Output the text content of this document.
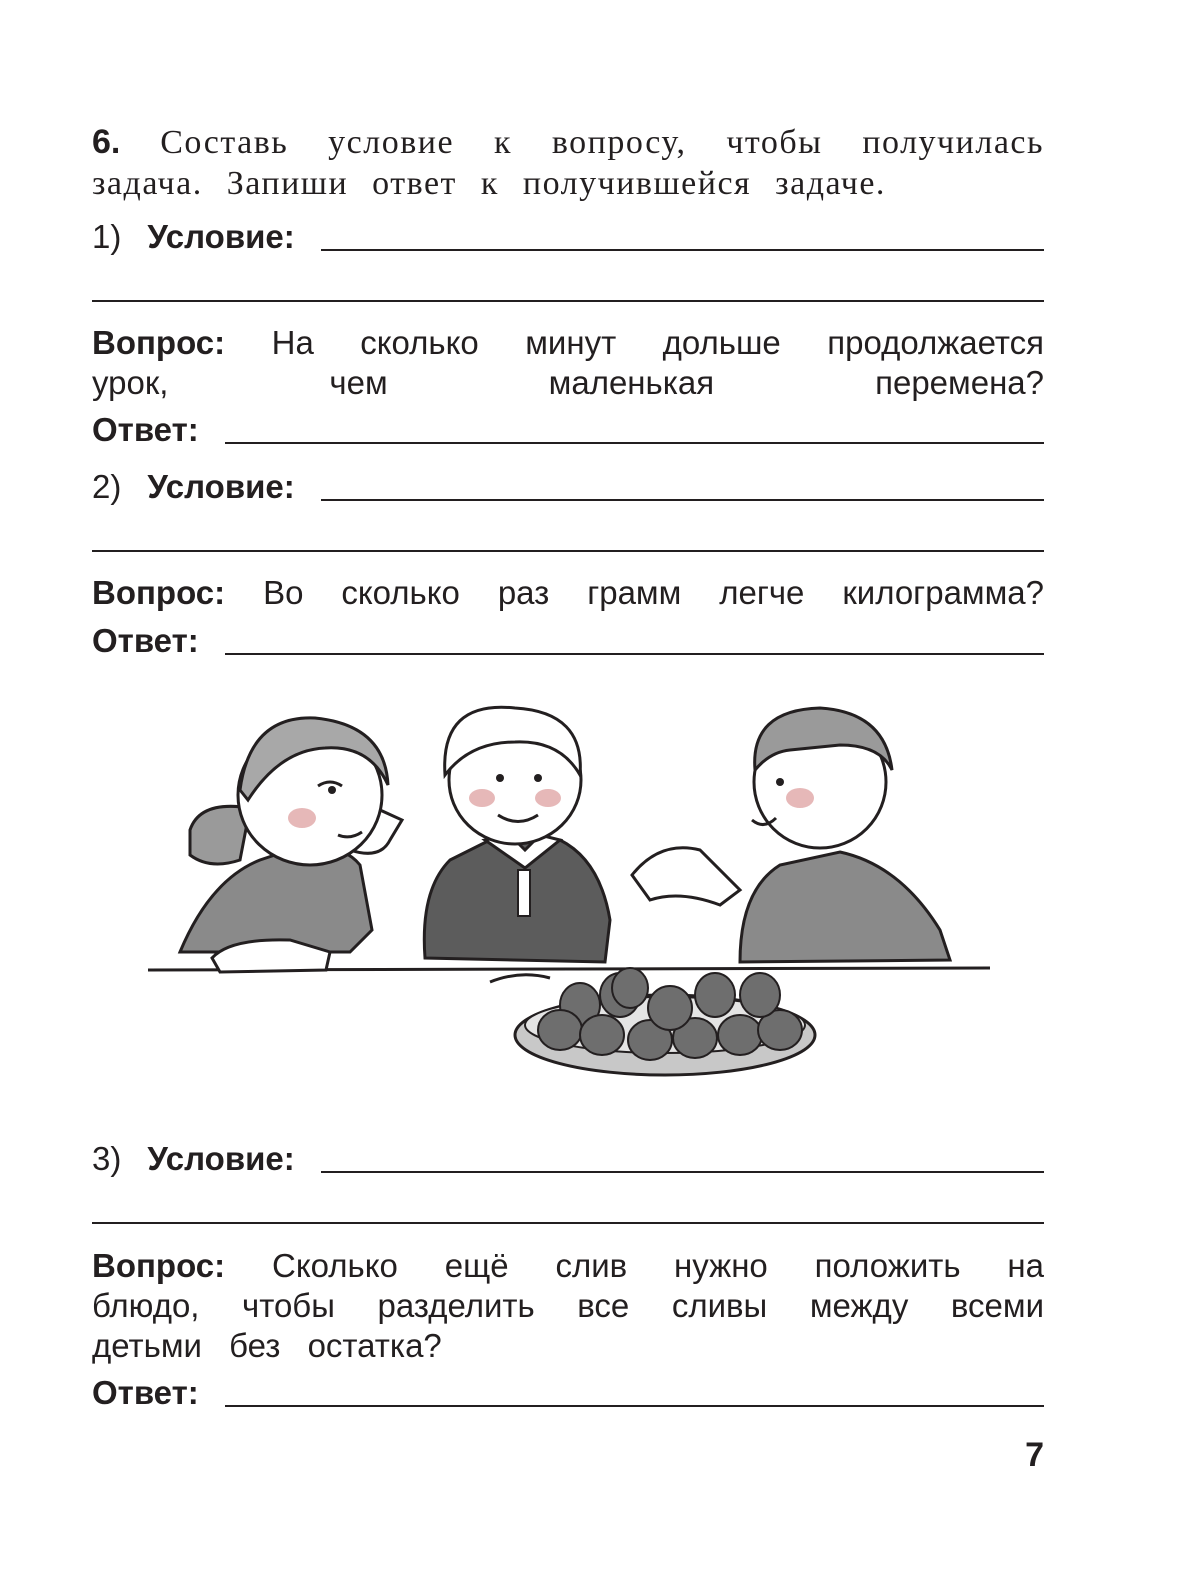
6. Составь условие к вопросу, чтобы получилась задача. Запиши ответ к получившейся задаче.
1) Условие:
Вопрос: На сколько минут дольше продолжается урок, чем маленькая перемена?
Ответ:
2) Условие:
Вопрос: Во сколько раз грамм легче килограмма?
Ответ:
3) Условие:
Вопрос: Сколько ещё слив нужно положить на блюдо, чтобы разделить все сливы между всеми детьми без остатка?
Ответ:
7
